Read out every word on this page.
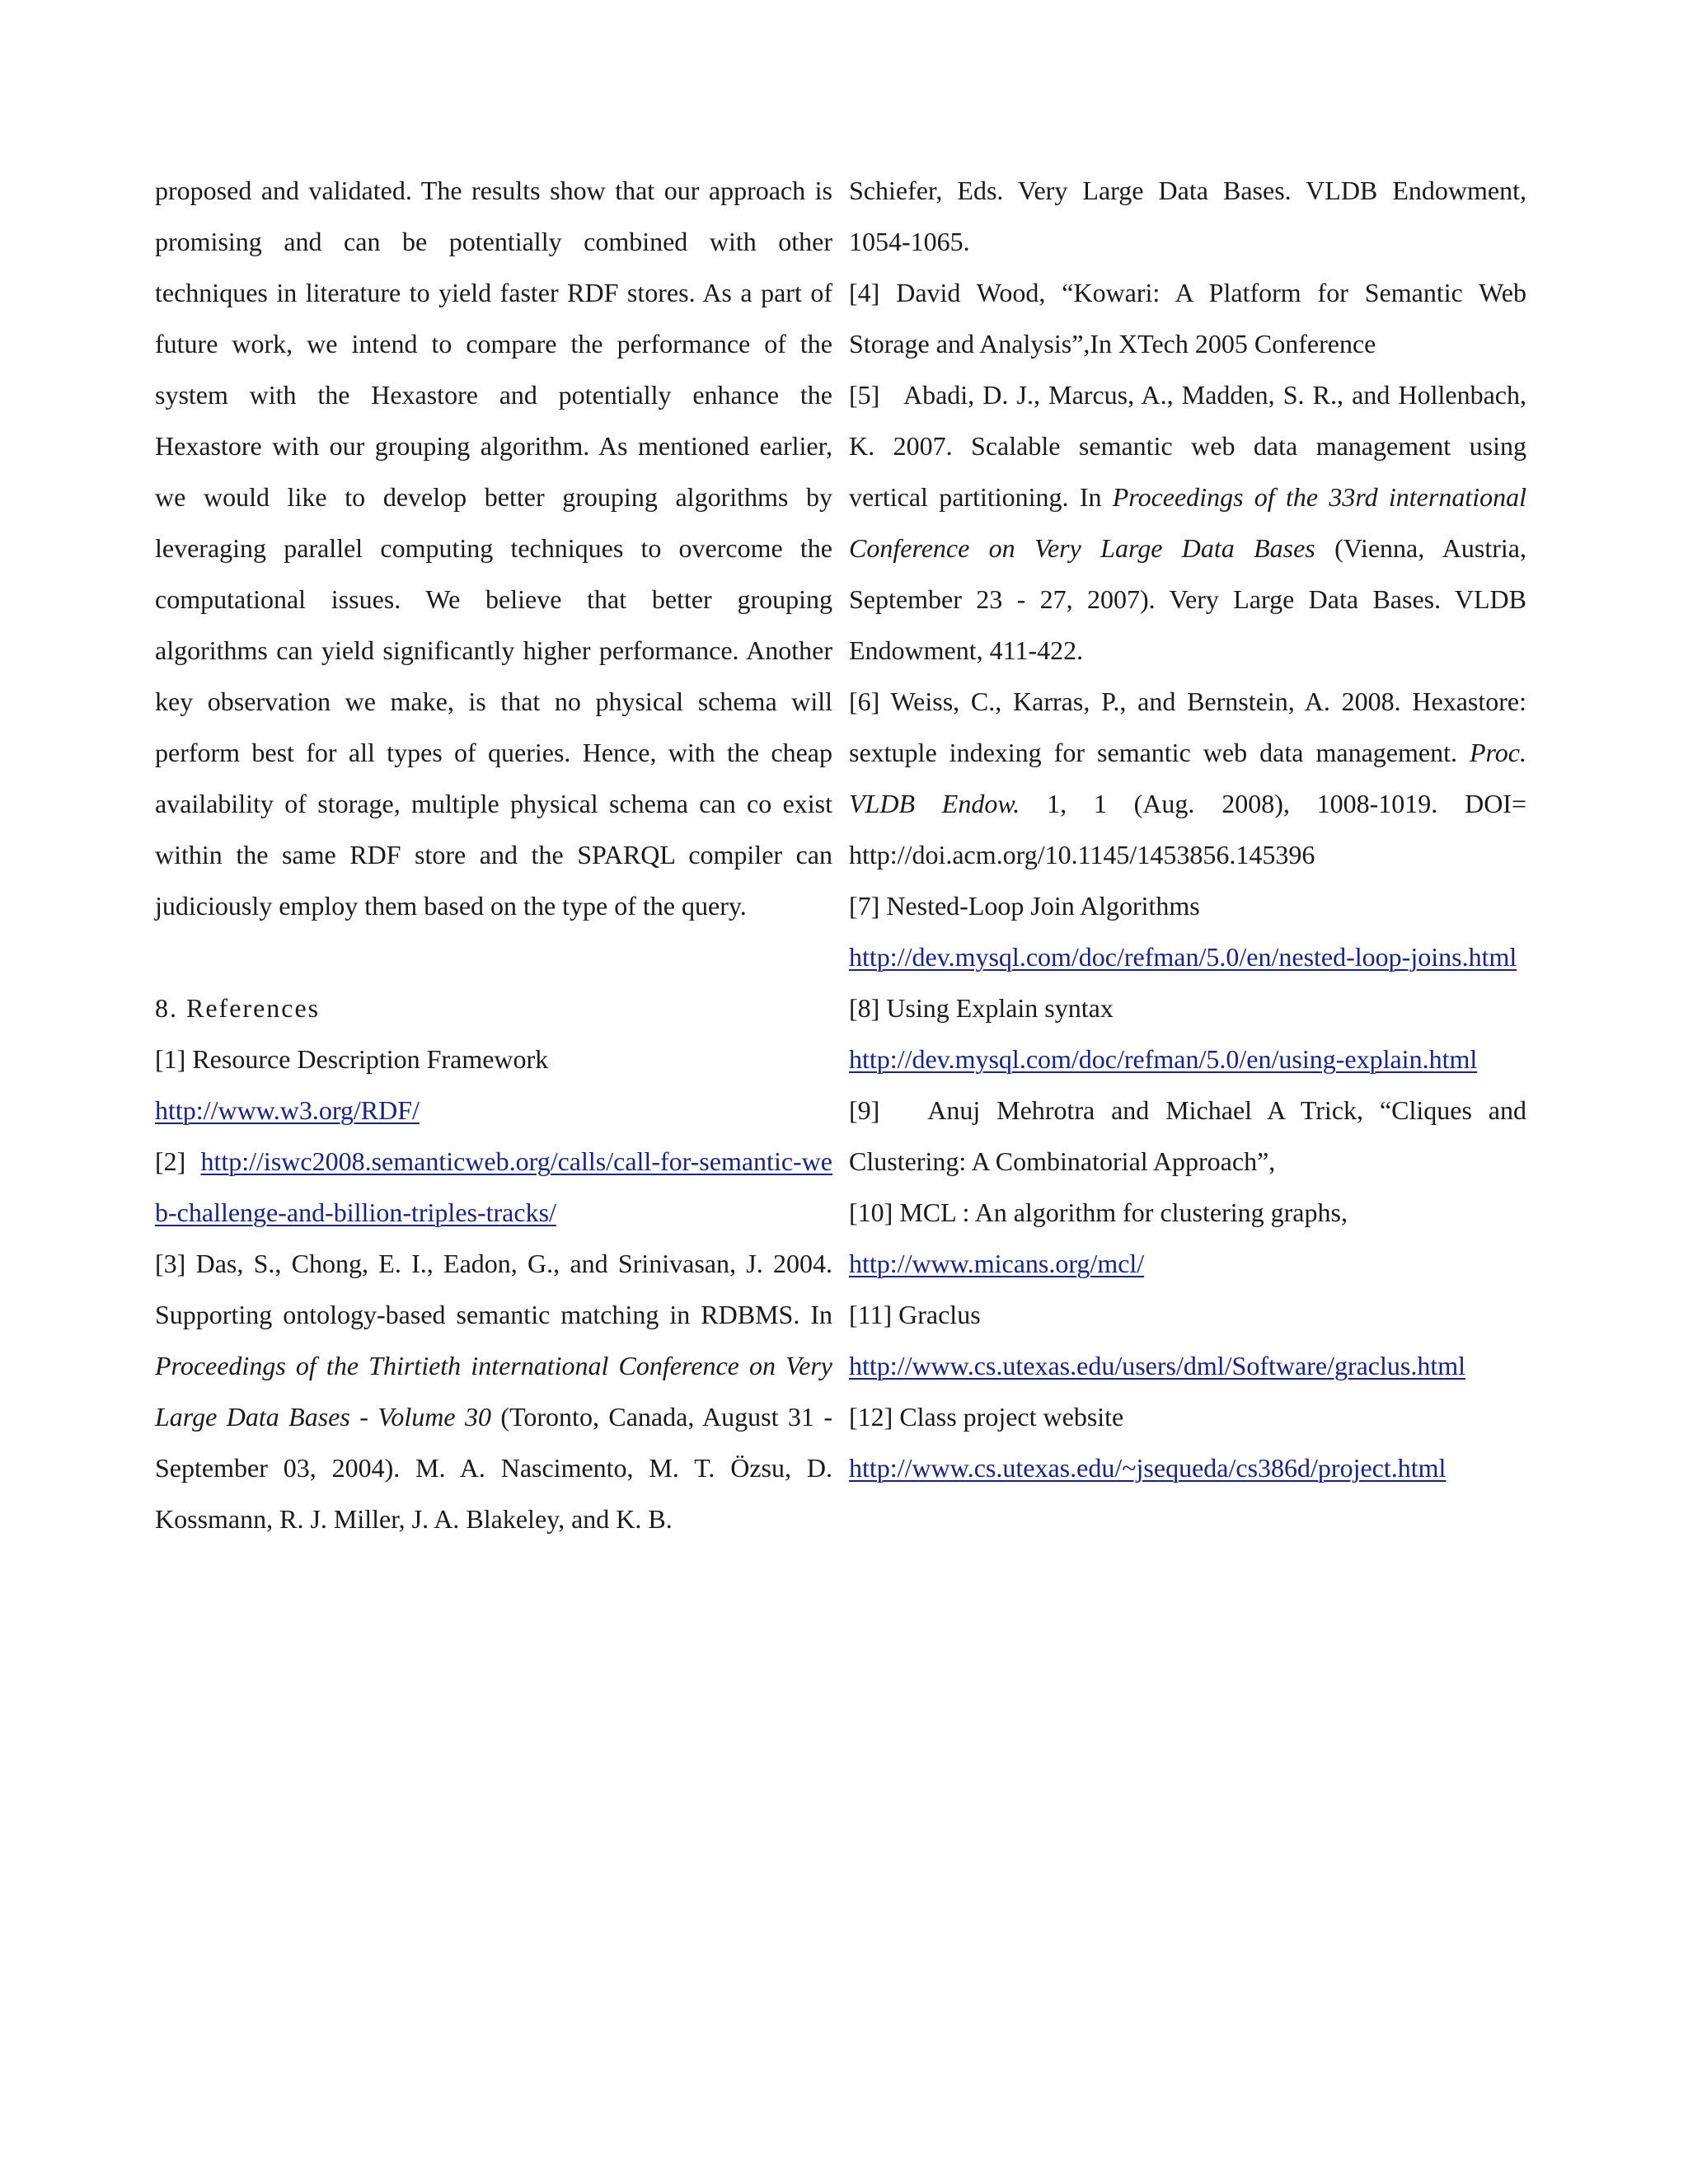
proposed and validated. The results show that our approach is promising and can be potentially combined with other techniques in literature to yield faster RDF stores. As a part of future work, we intend to compare the performance of the system with the Hexastore and potentially enhance the Hexastore with our grouping algorithm. As mentioned earlier, we would like to develop better grouping algorithms by leveraging parallel computing techniques to overcome the computational issues. We believe that better grouping algorithms can yield significantly higher performance. Another key observation we make, is that no physical schema will perform best for all types of queries. Hence, with the cheap availability of storage, multiple physical schema can co exist within the same RDF store and the SPARQL compiler can judiciously employ them based on the type of the query.

8. References

[1] Resource Description Framework
http://www.w3.org/RDF/

[2]  http://iswc2008.semanticweb.org/calls/call-for-semantic-web-challenge-and-billion-triples-tracks/

[3] Das, S., Chong, E. I., Eadon, G., and Srinivasan, J. 2004. Supporting ontology-based semantic matching in RDBMS. In Proceedings of the Thirtieth international Conference on Very Large Data Bases - Volume 30 (Toronto, Canada, August 31 - September 03, 2004). M. A. Nascimento, M. T. Özsu, D. Kossmann, R. J. Miller, J. A. Blakeley, and K. B.

Schiefer, Eds. Very Large Data Bases. VLDB Endowment, 1054-1065.

[4] David Wood, “Kowari: A Platform for Semantic Web Storage and Analysis”,In XTech 2005 Conference

[5]   Abadi, D. J., Marcus, A., Madden, S. R., and Hollenbach, K. 2007. Scalable semantic web data management using vertical partitioning. In Proceedings of the 33rd international Conference on Very Large Data Bases (Vienna, Austria, September 23 - 27, 2007). Very Large Data Bases. VLDB Endowment, 411-422.

[6] Weiss, C., Karras, P., and Bernstein, A. 2008. Hexastore: sextuple indexing for semantic web data management. Proc. VLDB Endow. 1, 1 (Aug. 2008), 1008-1019. DOI= http://doi.acm.org/10.1145/1453856.145396

[7] Nested-Loop Join Algorithms
http://dev.mysql.com/doc/refman/5.0/en/nested-loop-joins.html

[8] Using Explain syntax
http://dev.mysql.com/doc/refman/5.0/en/using-explain.html

[9]   Anuj Mehrotra and Michael A Trick, “Cliques and Clustering: A Combinatorial Approach”,

[10] MCL : An algorithm for clustering graphs,
http://www.micans.org/mcl/

[11] Graclus
http://www.cs.utexas.edu/users/dml/Software/graclus.html

[12] Class project website
http://www.cs.utexas.edu/~jsequeda/cs386d/project.html
